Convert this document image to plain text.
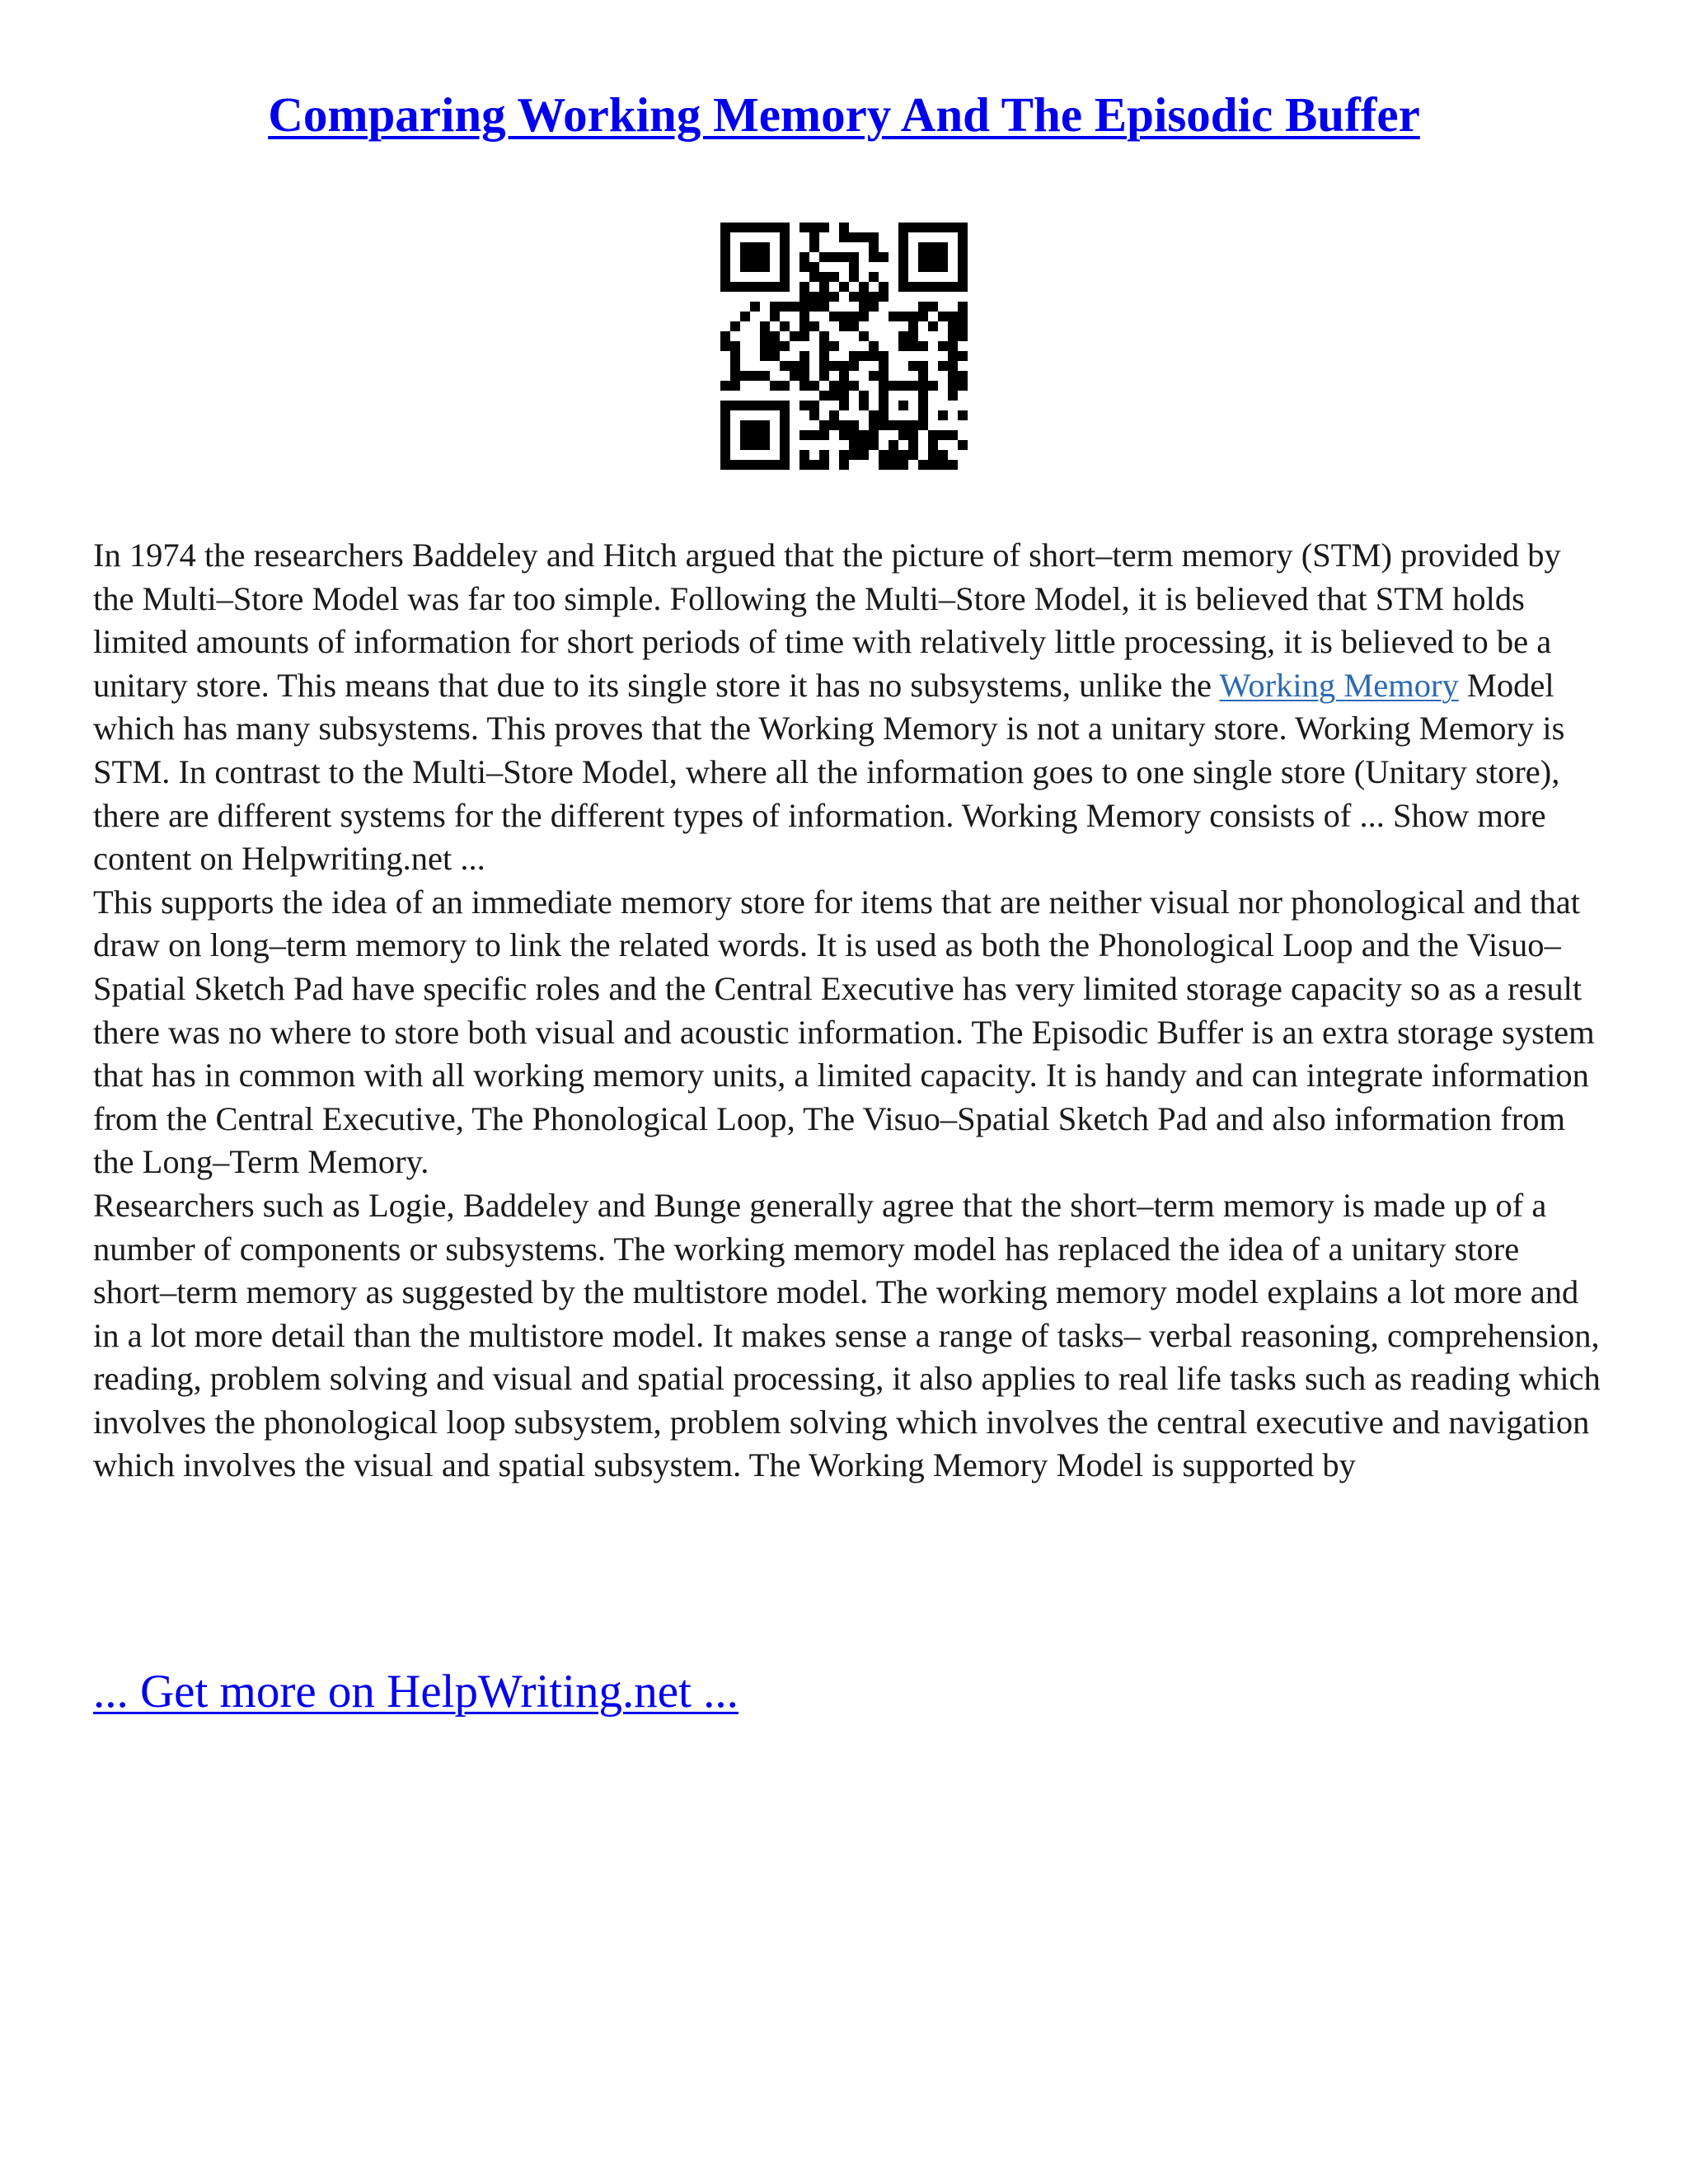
Comparing Working Memory And The Episodic Buffer

In 1974 the researchers Baddeley and Hitch argued that the picture of short–term memory (STM) provided by the Multi–Store Model was far too simple. Following the Multi–Store Model, it is believed that STM holds limited amounts of information for short periods of time with relatively little processing, it is believed to be a unitary store. This means that due to its single store it has no subsystems, unlike the Working Memory Model which has many subsystems. This proves that the Working Memory is not a unitary store. Working Memory is STM. In contrast to the Multi–Store Model, where all the information goes to one single store (Unitary store), there are different systems for the different types of information. Working Memory consists of ... Show more content on Helpwriting.net ...

This supports the idea of an immediate memory store for items that are neither visual nor phonological and that draw on long–term memory to link the related words. It is used as both the Phonological Loop and the Visuo–Spatial Sketch Pad have specific roles and the Central Executive has very limited storage capacity so as a result there was no where to store both visual and acoustic information. The Episodic Buffer is an extra storage system that has in common with all working memory units, a limited capacity. It is handy and can integrate information from the Central Executive, The Phonological Loop, The Visuo–Spatial Sketch Pad and also information from the Long–Term Memory.

Researchers such as Logie, Baddeley and Bunge generally agree that the short–term memory is made up of a number of components or subsystems. The working memory model has replaced the idea of a unitary store short–term memory as suggested by the multistore model. The working memory model explains a lot more and in a lot more detail than the multistore model. It makes sense a range of tasks– verbal reasoning, comprehension, reading, problem solving and visual and spatial processing, it also applies to real life tasks such as reading which involves the phonological loop subsystem, problem solving which involves the central executive and navigation which involves the visual and spatial subsystem. The Working Memory Model is supported by

... Get more on HelpWriting.net ...
